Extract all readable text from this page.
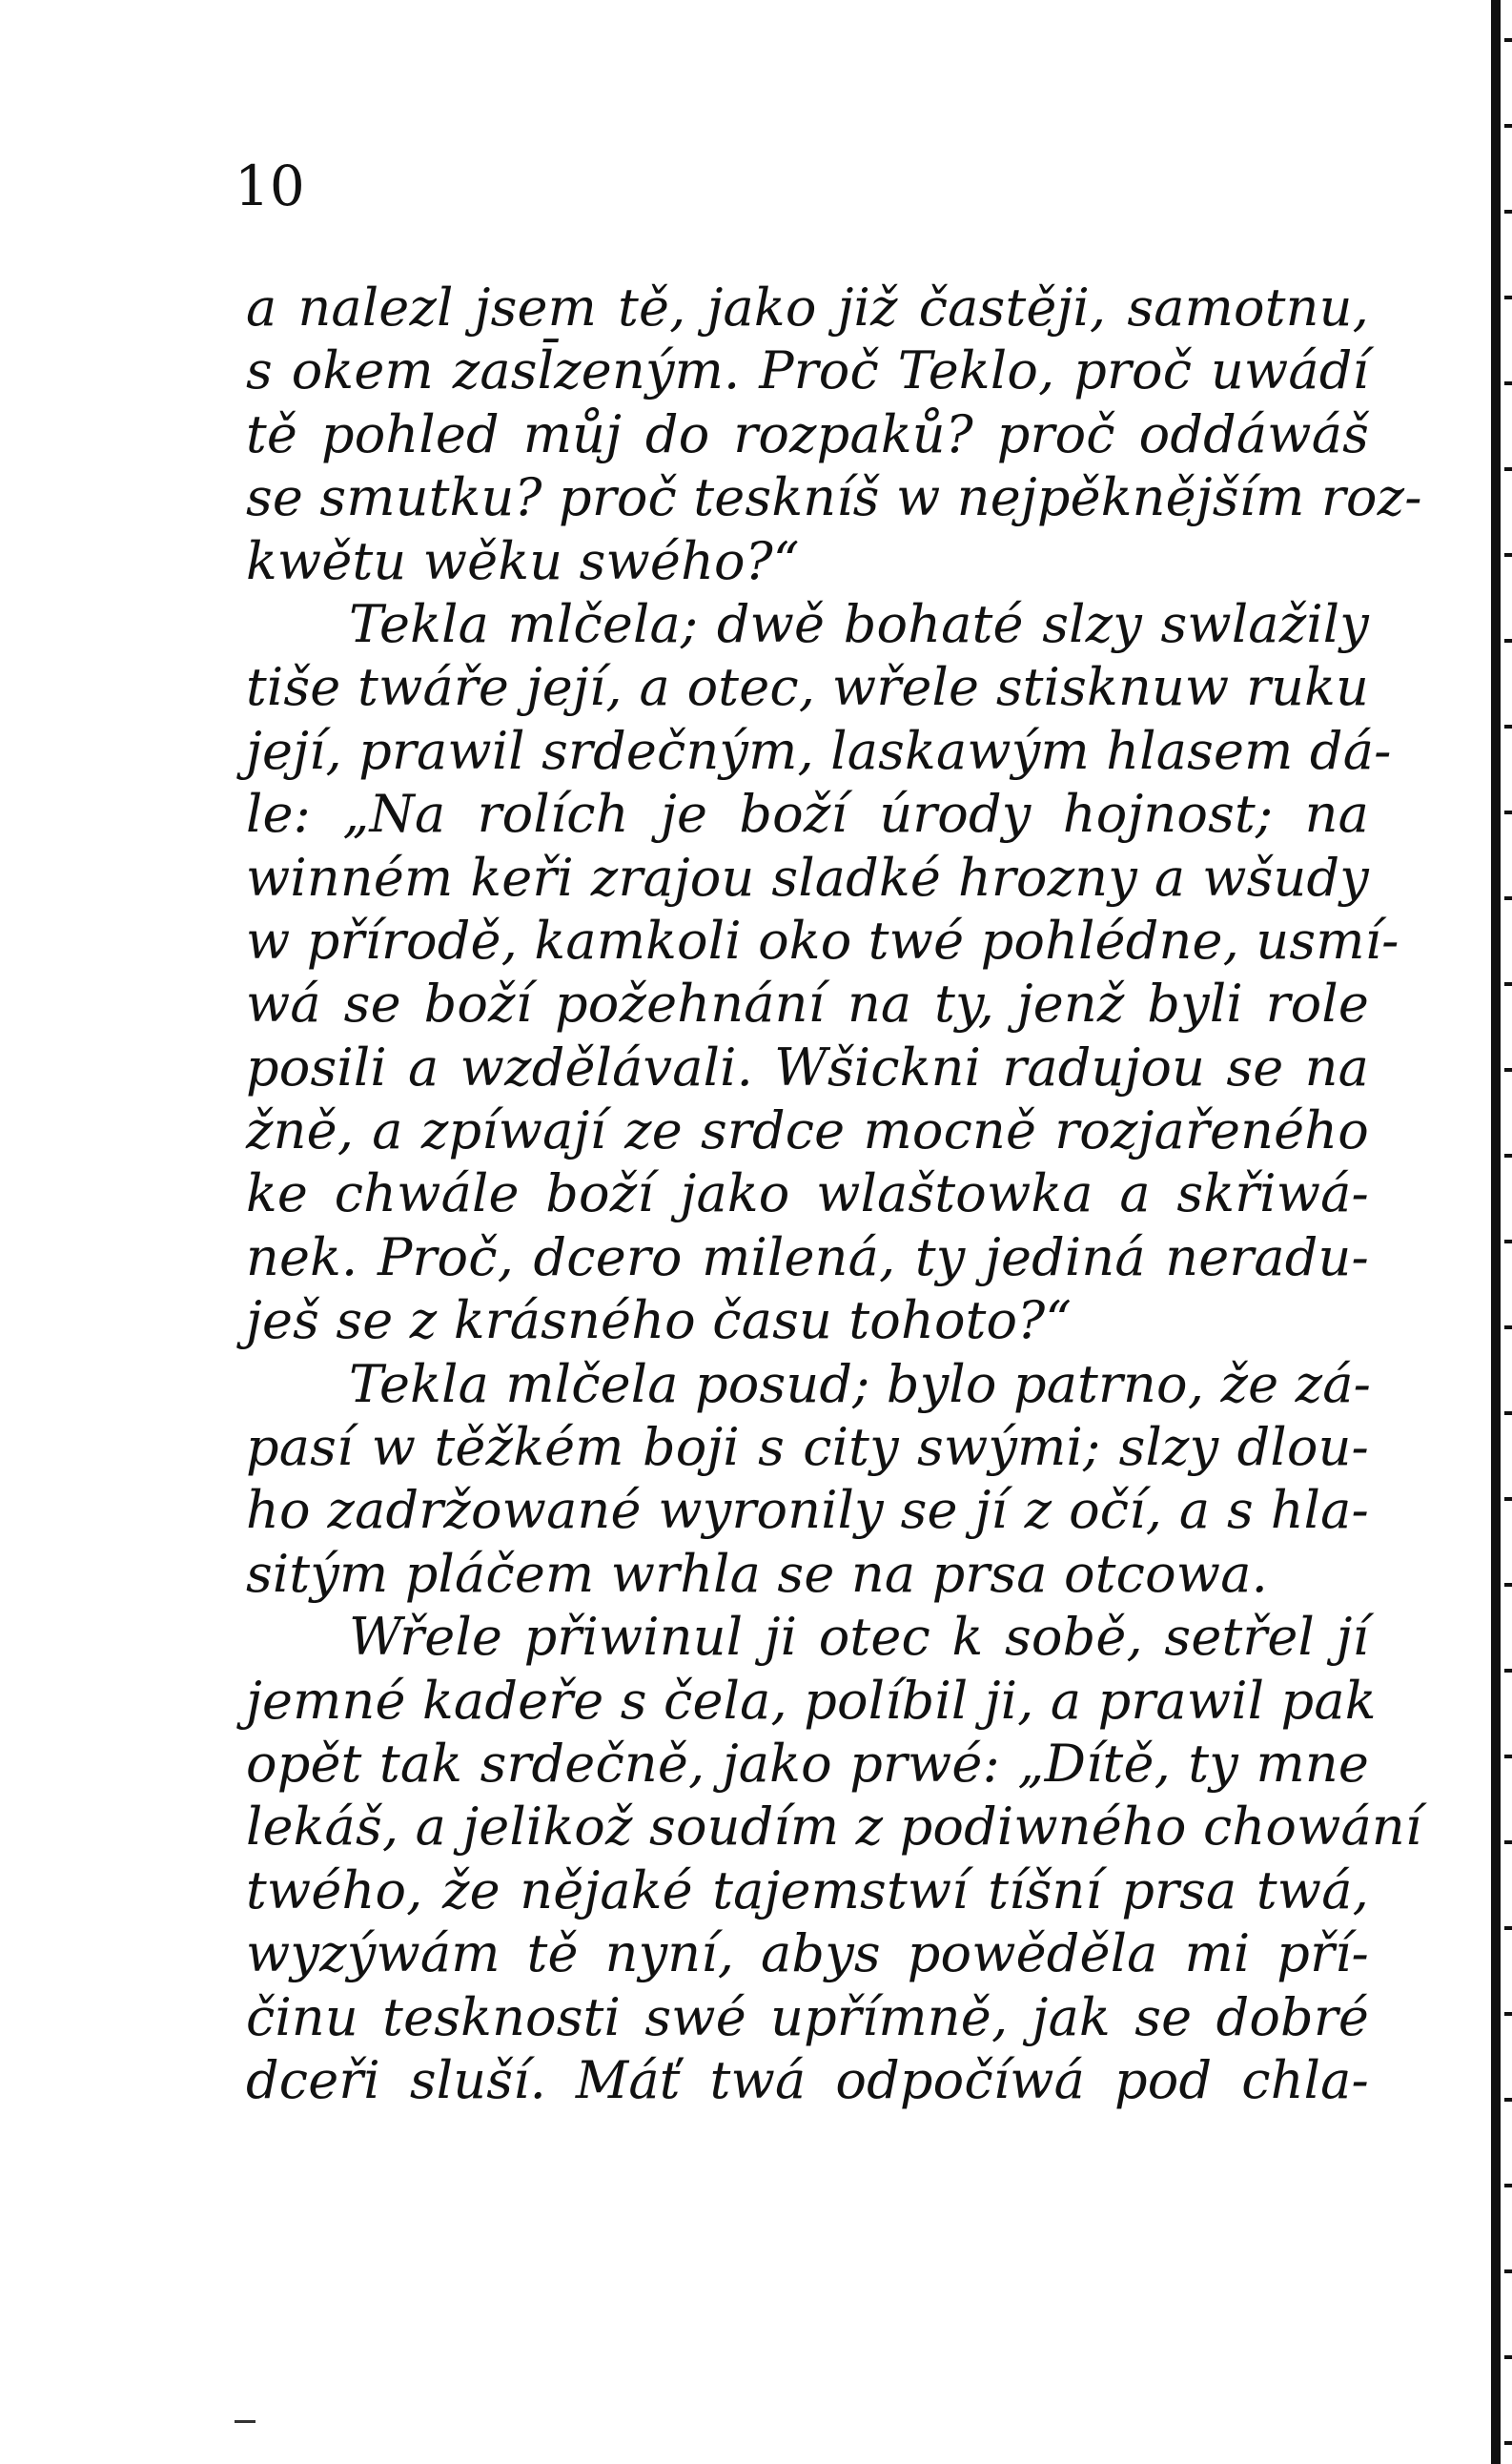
10
a nalezl jsem tě, jako již častěji, samotnu,
s okem zasl̄zeným. Proč Teklo, proč uwádí
tě pohled můj do rozpaků? proč oddáwáš
se smutku? proč teskníš w nejpěknějším roz-
kwětu wěku swého?“
Tekla mlčela; dwě bohaté slzy swlažily
tiše twáře její, a otec, wřele stisknuw ruku
její, prawil srdečným, laskawým hlasem dá-
le: „Na rolích je boží úrody hojnost; na
winném keři zrajou sladké hrozny a wšudy
w přírodě, kamkoli oko twé pohlédne, usmí-
wá se boží požehnání na ty, jenž byli role
posili a wzdělávali. Wšickni radujou se na
žně, a zpíwají ze srdce mocně rozjařeného
ke chwále boží jako wlaštowka a skřiwá-
nek. Proč, dcero milená, ty jediná neradu-
ješ se z krásného času tohoto?“
Tekla mlčela posud; bylo patrno, že zá-
pasí w těžkém boji s city swými; slzy dlou-
ho zadržowané wyronily se jí z očí, a s hla-
sitým pláčem wrhla se na prsa otcowa.
Wřele přiwinul ji otec k sobě, setřel jí
jemné kadeře s čela, políbil ji, a prawil pak
opět tak srdečně, jako prwé: „Dítě, ty mne
lekáš, a jelikož soudím z podiwného chowání
twého, že nějaké tajemstwí tíšní prsa twá,
wyzýwám tě nyní, abys powěděla mi pří-
činu tesknosti swé upřímně, jak se dobré
dceři sluší. Máť twá odpočíwá pod chla-
